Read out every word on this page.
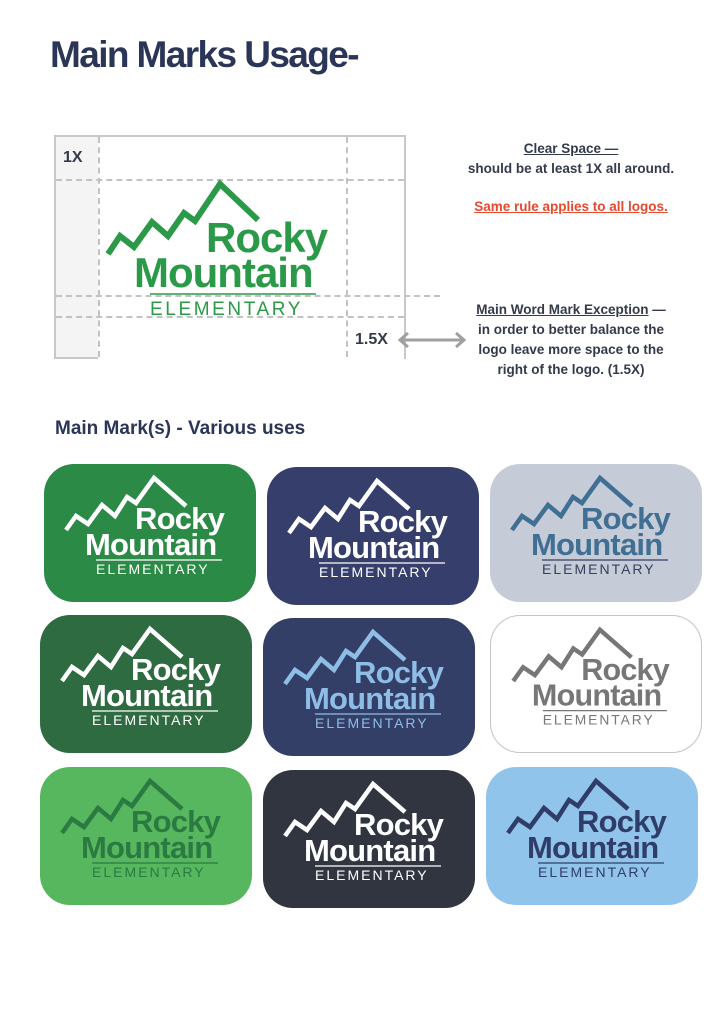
Main Marks Usage-
1X
1.5X
Rocky
Mountain
ELEMENTARY
Clear Space —
should be at least 1X all around.
Same rule applies to all logos.
Main Word Mark Exception —
in order to better balance the
logo leave more space to the
right of the logo. (1.5X)
Main Mark(s) - Various uses
Rocky
Mountain
ELEMENTARY
Rocky
Mountain
ELEMENTARY
Rocky
Mountain
ELEMENTARY
Rocky
Mountain
ELEMENTARY
Rocky
Mountain
ELEMENTARY
Rocky
Mountain
ELEMENTARY
Rocky
Mountain
ELEMENTARY
Rocky
Mountain
ELEMENTARY
Rocky
Mountain
ELEMENTARY
